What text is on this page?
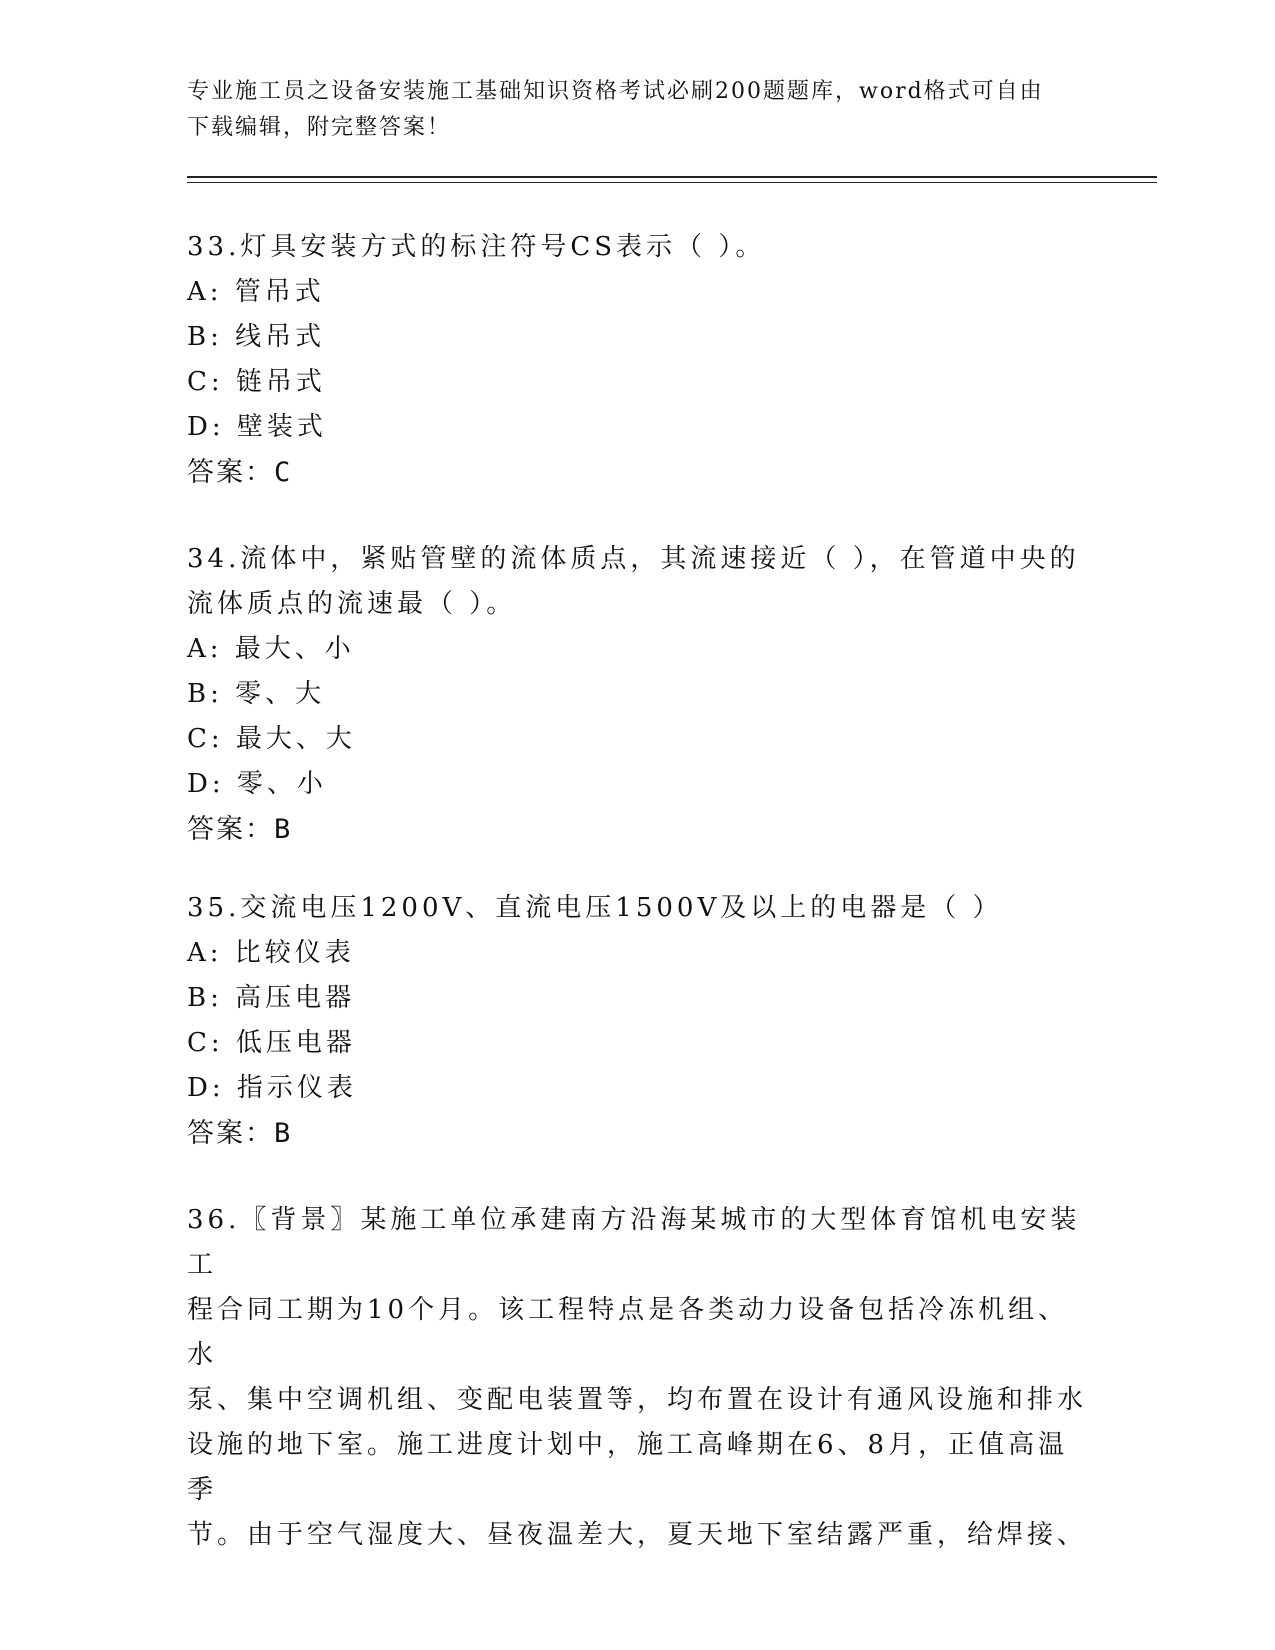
专业施工员之设备安装施工基础知识资格考试必刷200题题库，word格式可自由
下载编辑，附完整答案！

33.灯具安装方式的标注符号CS表示（ ）。

A: 管吊式

B: 线吊式

C: 链吊式

D: 壁装式

答案：C

34.流体中，紧贴管壁的流体质点，其流速接近（ ），在管道中央的

流体质点的流速最（ ）。

A: 最大、小

B: 零、大

C: 最大、大

D: 零、小

答案：B

35.交流电压1200V、直流电压1500V及以上的电器是（ ）

A: 比较仪表

B: 高压电器

C: 低压电器

D: 指示仪表

答案：B

36.〖背景〗某施工单位承建南方沿海某城市的大型体育馆机电安装工

程合同工期为10个月。该工程特点是各类动力设备包括冷冻机组、水

泵、集中空调机组、变配电装置等，均布置在设计有通风设施和排水

设施的地下室。施工进度计划中，施工高峰期在6、8月，正值高温季

节。由于空气湿度大、昼夜温差大，夏天地下室结露严重，给焊接、
